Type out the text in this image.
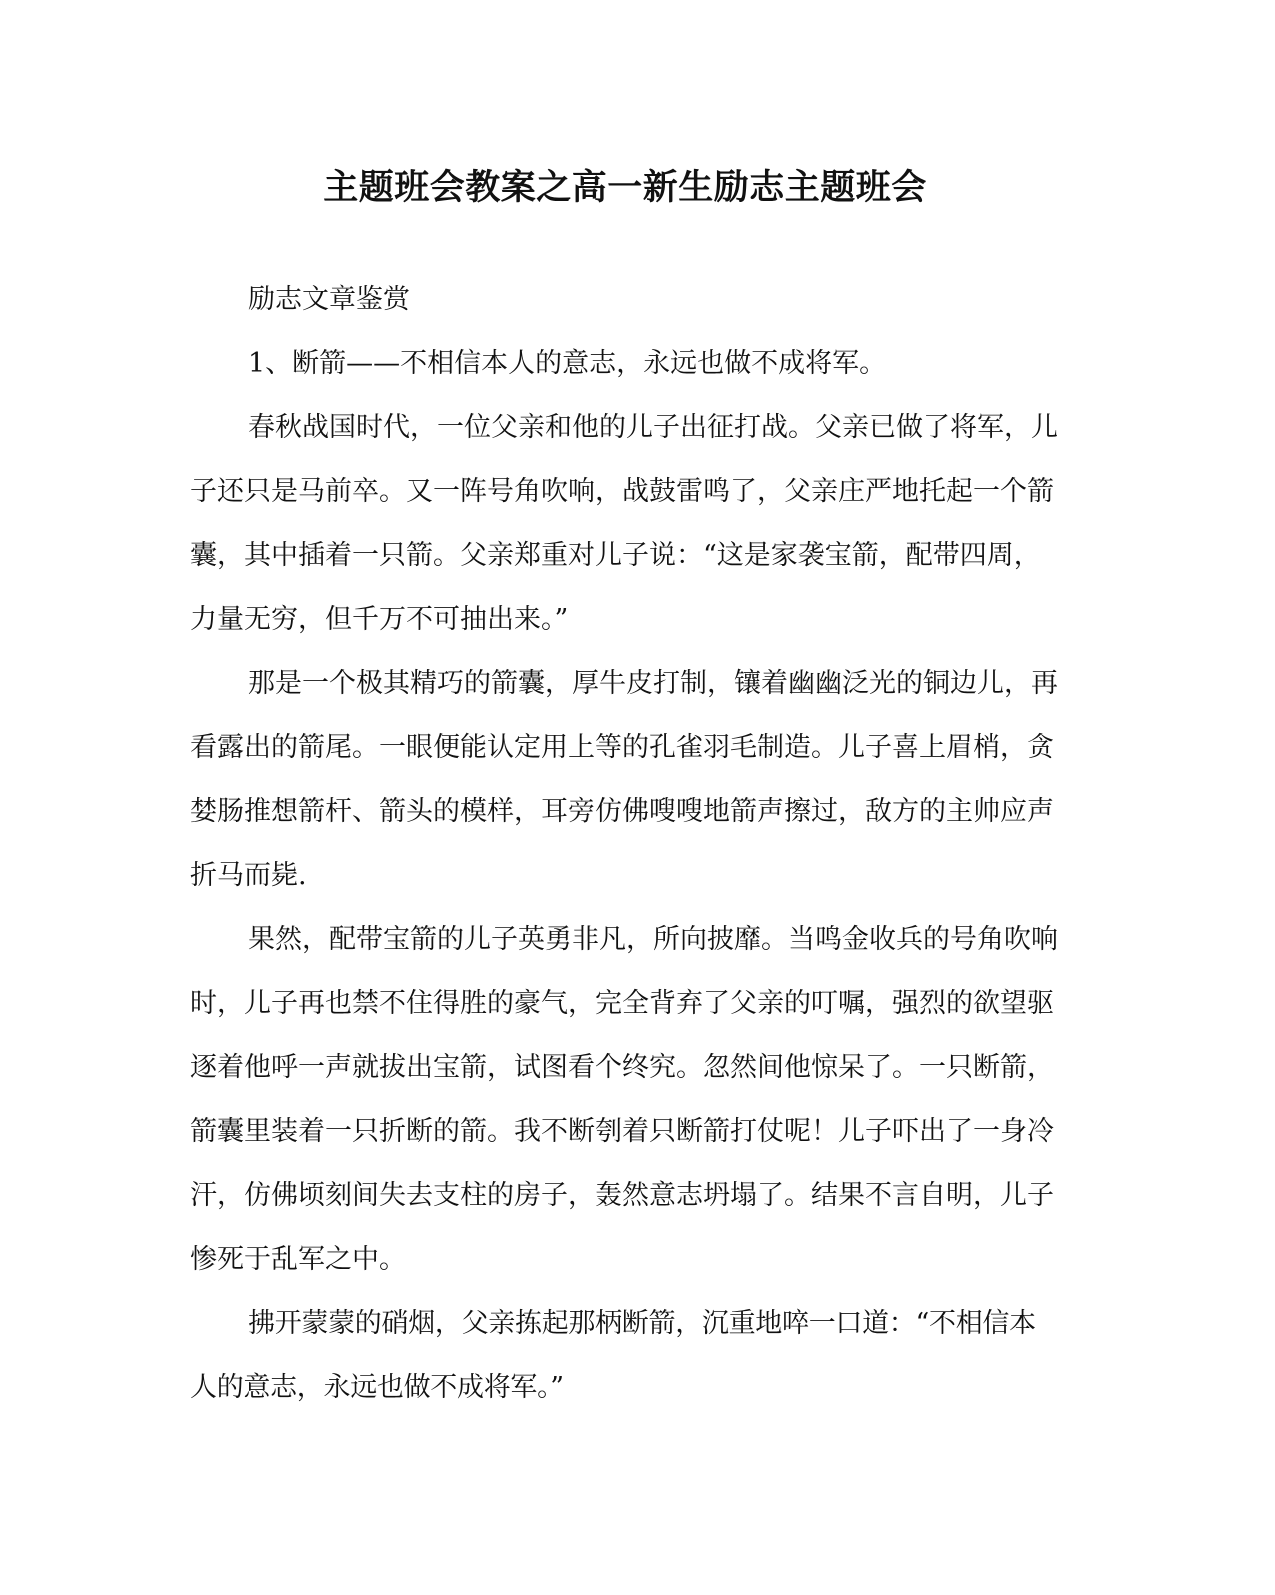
主题班会教案之高一新生励志主题班会

励志文章鉴赏

1、断箭——不相信本人的意志，永远也做不成将军。

春秋战国时代，一位父亲和他的儿子出征打战。父亲已做了将军，儿子还只是马前卒。又一阵号角吹响，战鼓雷鸣了，父亲庄严地托起一个箭囊，其中插着一只箭。父亲郑重对儿子说：“这是家袭宝箭，配带四周，力量无穷，但千万不可抽出来。”

那是一个极其精巧的箭囊，厚牛皮打制，镶着幽幽泛光的铜边儿，再看露出的箭尾。一眼便能认定用上等的孔雀羽毛制造。儿子喜上眉梢，贪婪肠推想箭杆、箭头的模样，耳旁仿佛嗖嗖地箭声擦过，敌方的主帅应声折马而毙.

果然，配带宝箭的儿子英勇非凡，所向披靡。当鸣金收兵的号角吹响时，儿子再也禁不住得胜的豪气，完全背弃了父亲的叮嘱，强烈的欲望驱逐着他呼一声就拔出宝箭，试图看个终究。忽然间他惊呆了。一只断箭，箭囊里装着一只折断的箭。我不断刳着只断箭打仗呢！儿子吓出了一身冷汗，仿佛顷刻间失去支柱的房子，轰然意志坍塌了。结果不言自明，儿子惨死于乱军之中。

拂开蒙蒙的硝烟，父亲拣起那柄断箭，沉重地啐一口道：“不相信本人的意志，永远也做不成将军。”
